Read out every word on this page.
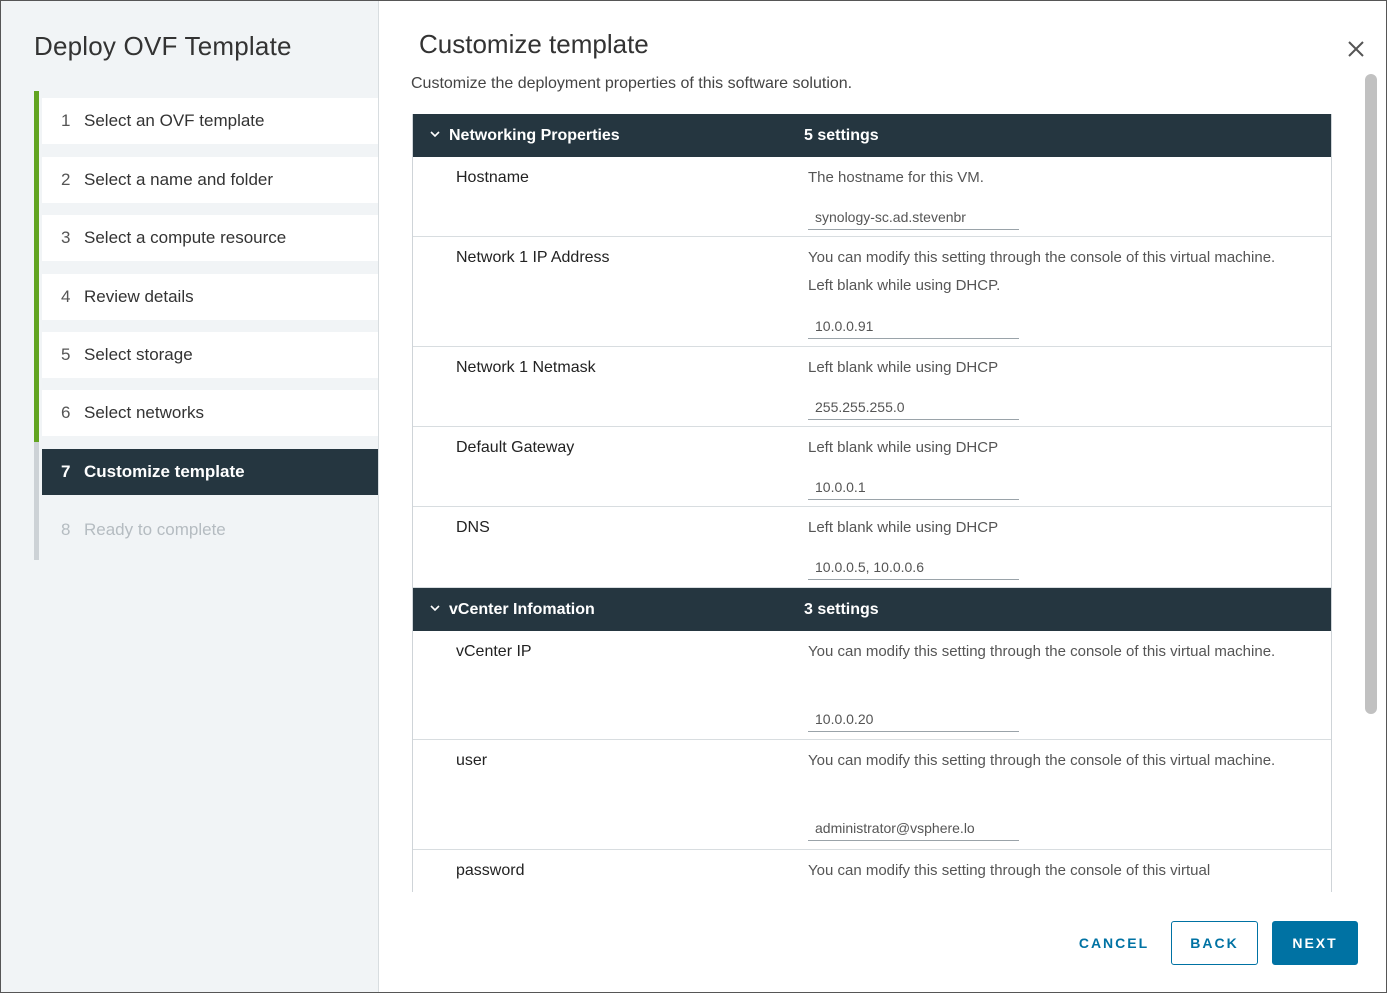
Deploy OVF Template
1 Select an OVF template
2 Select a name and folder
3 Select a compute resource
4 Review details
5 Select storage
6 Select networks
7 Customize template
8 Ready to complete
Customize template
Customize the deployment properties of this software solution.
Networking Properties	5 settings
Hostname	The hostname for this VM.
synology-sc.ad.stevenbr
Network 1 IP Address	You can modify this setting through the console of this virtual machine. Left blank while using DHCP.
10.0.0.91
Network 1 Netmask	Left blank while using DHCP
255.255.255.0
Default Gateway	Left blank while using DHCP
10.0.0.1
DNS	Left blank while using DHCP
10.0.0.5, 10.0.0.6
vCenter Infomation	3 settings
vCenter IP	You can modify this setting through the console of this virtual machine.
10.0.0.20
user	You can modify this setting through the console of this virtual machine.
administrator@vsphere.lo
password	You can modify this setting through the console of this virtual
CANCEL	BACK	NEXT
